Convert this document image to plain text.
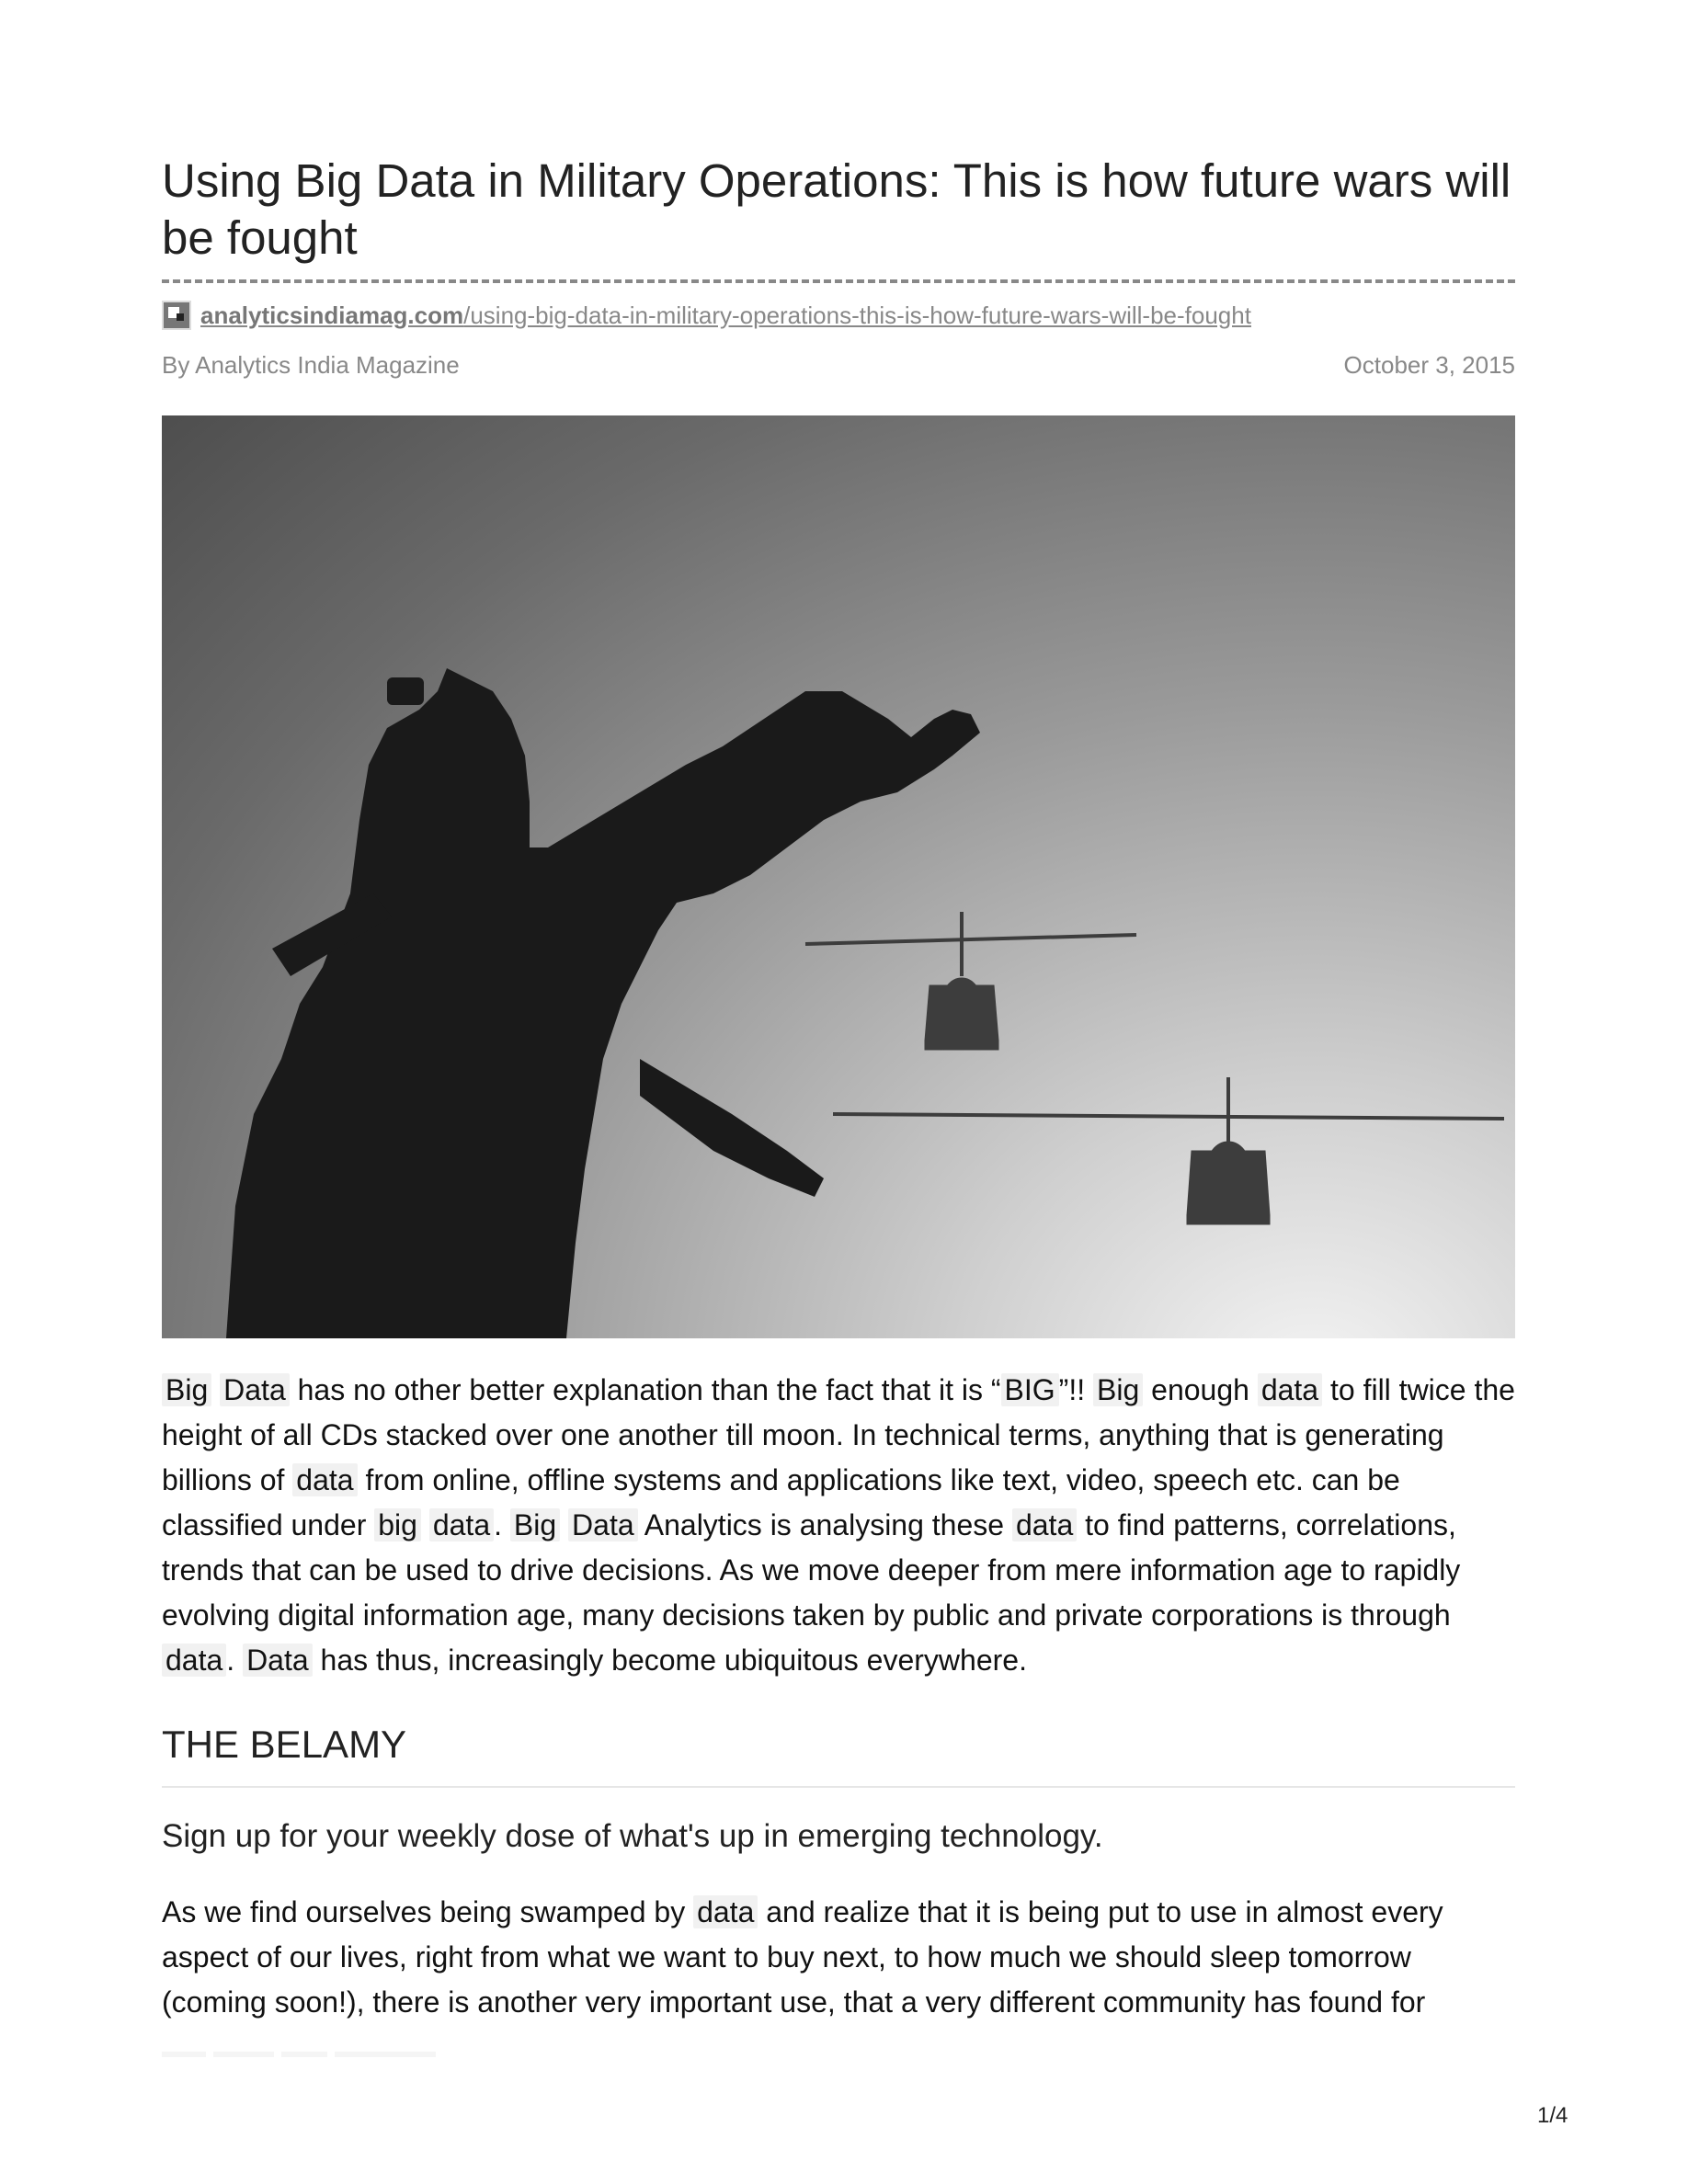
Using Big Data in Military Operations: This is how future wars will be fought
analyticsindiamag.com/using-big-data-in-military-operations-this-is-how-future-wars-will-be-fought
By Analytics India Magazine	October 3, 2015

Big Data has no other better explanation than the fact that it is “ BIG ”!! Big enough data to fill twice the height of all CDs stacked over one another till moon. In technical terms, anything that is generating billions of data from online, offline systems and applications like text, video, speech etc. can be classified under big data . Big Data Analytics is analysing these data to find patterns, correlations, trends that can be used to drive decisions. As we move deeper from mere information age to rapidly evolving digital information age, many decisions taken by public and private corporations is through data . Data has thus, increasingly become ubiquitous everywhere.

THE BELAMY

Sign up for your weekly dose of what's up in emerging technology.

As we find ourselves being swamped by data and realize that it is being put to use in almost every aspect of our lives, right from what we want to buy next, to how much we should sleep tomorrow (coming soon!), there is another very important use, that a very different community has found for

1/4
